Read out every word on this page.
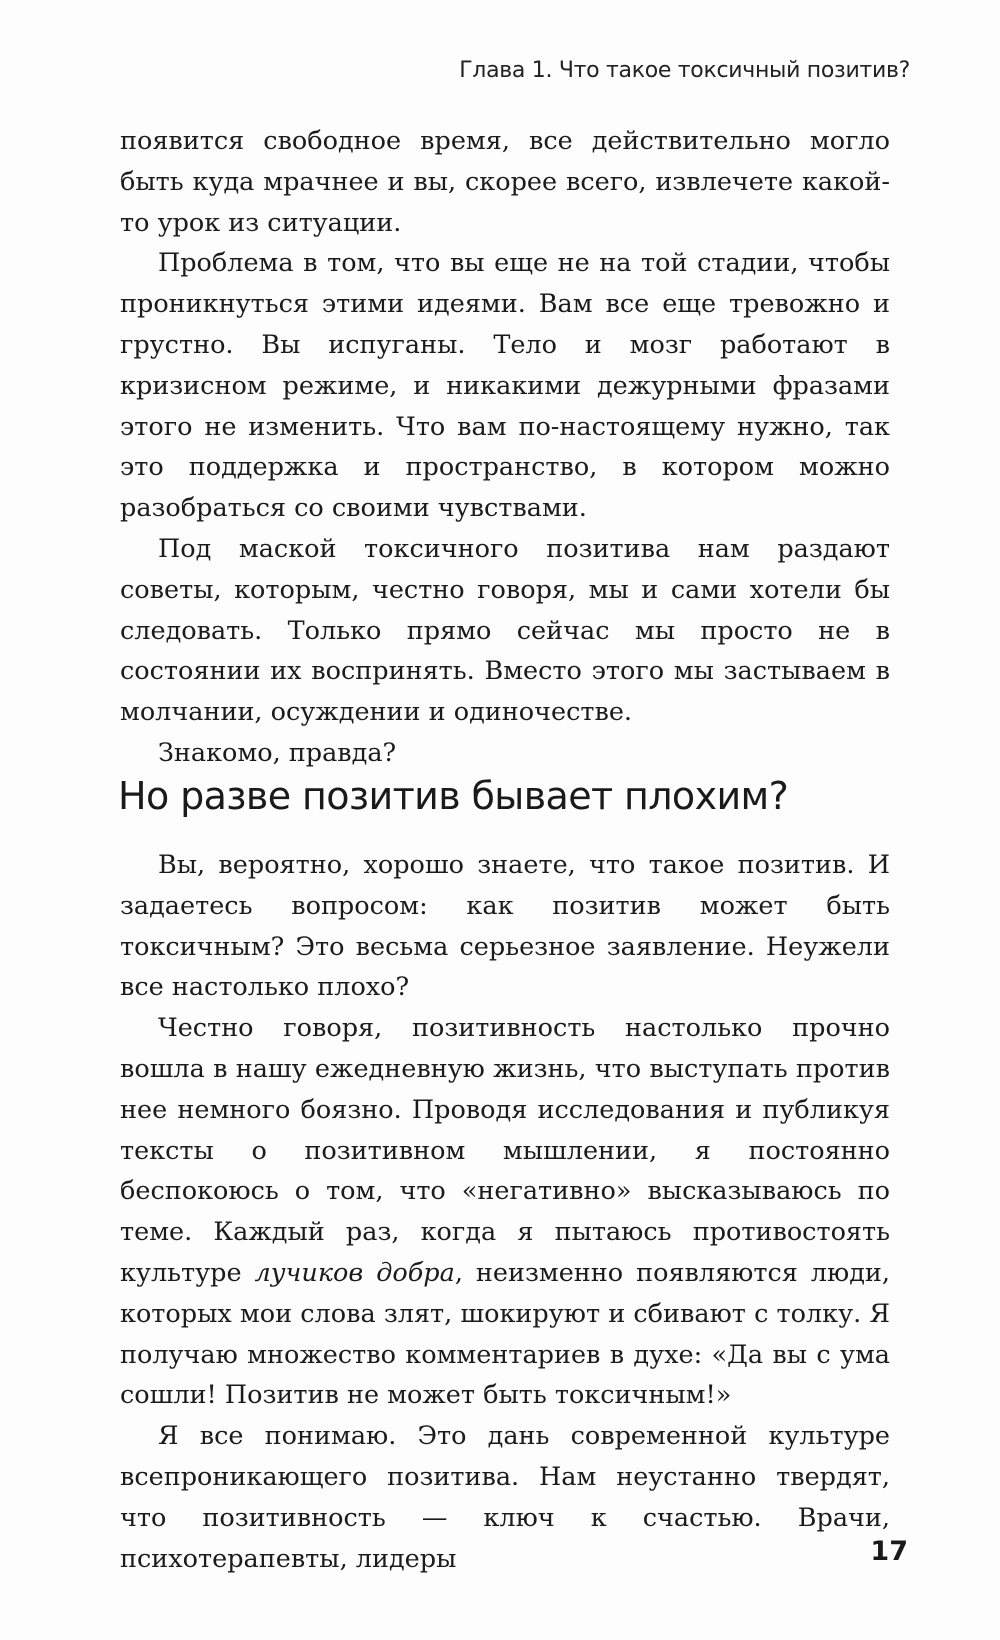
Глава 1. Что такое токсичный позитив?

появится свободное время, все действительно могло быть куда мрачнее и вы, скорее всего, извлечете какой-то урок из ситуации.

Проблема в том, что вы еще не на той стадии, чтобы проникнуться этими идеями. Вам все еще тревожно и грустно. Вы испуганы. Тело и мозг работают в кризисном режиме, и никакими дежурными фразами этого не изменить. Что вам по-настоящему нужно, так это поддержка и пространство, в котором можно разобраться со своими чувствами.

Под маской токсичного позитива нам раздают советы, которым, честно говоря, мы и сами хотели бы следовать. Только прямо сейчас мы просто не в состоянии их воспринять. Вместо этого мы застываем в молчании, осуждении и одиночестве.

Знакомо, правда?

Но разве позитив бывает плохим?

Вы, вероятно, хорошо знаете, что такое позитив. И задаетесь вопросом: как позитив может быть токсичным? Это весьма серьезное заявление. Неужели все настолько плохо?

Честно говоря, позитивность настолько прочно вошла в нашу ежедневную жизнь, что выступать против нее немного боязно. Проводя исследования и публикуя тексты о позитивном мышлении, я постоянно беспокоюсь о том, что «негативно» высказываюсь по теме. Каждый раз, когда я пытаюсь противостоять культуре лучиков добра, неизменно появляются люди, которых мои слова злят, шокируют и сбивают с толку. Я получаю множество комментариев в духе: «Да вы с ума сошли! Позитив не может быть токсичным!»

Я все понимаю. Это дань современной культуре всепроникающего позитива. Нам неустанно твердят, что позитивность — ключ к счастью. Врачи, психотерапевты, лидеры	17
